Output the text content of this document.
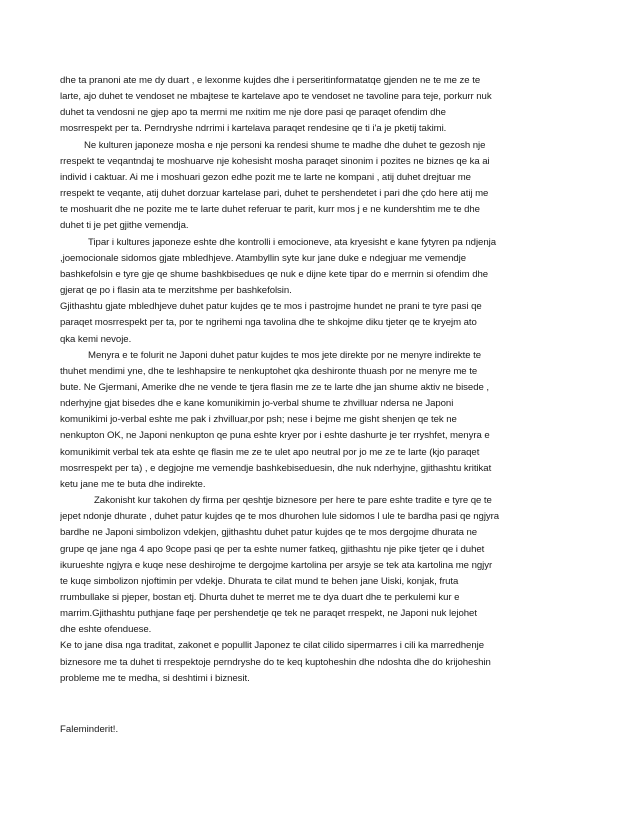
dhe ta pranoni ate me dy duart , e lexonme kujdes dhe i perseritinformatatqe gjenden ne te me ze te
larte, ajo duhet te vendoset ne mbajtese te kartelave apo te vendoset ne tavoline para teje, porkurr nuk
duhet ta vendosni ne gjep apo ta merrni me nxitim me nje dore pasi qe paraqet ofendim dhe
mosrrespekt per ta. Perndryshe ndrrimi i kartelava paraqet rendesine qe ti i'a je pketij takimi.
Ne kulturen japoneze mosha e nje personi ka rendesi shume te madhe dhe duhet te gezosh nje
rrespekt te veqantndaj te moshuarve nje kohesisht mosha paraqet sinonim i pozites ne biznes qe ka ai
individ i caktuar. Ai me i moshuari gezon edhe pozit me te larte ne kompani , atij duhet drejtuar me
rrespekt te veqante, atij duhet dorzuar kartelase pari, duhet te pershendetet i pari dhe çdo here atij me
te moshuarit dhe ne pozite me te larte duhet referuar te parit, kurr mos j e ne kundershtim me te dhe
duhet ti je pet gjithe vemendja.
Tipar i kultures japoneze eshte dhe kontrolli i emocioneve, ata kryesisht e kane fytyren pa ndjenja
,joemocionale sidomos gjate mbledhjeve. Atambyllin syte kur jane duke e ndegjuar me vemendje
bashkefolsin e tyre gje qe shume bashkbisedues qe nuk e dijne kete tipar do e merrnin si ofendim dhe
gjerat qe po i flasin ata te merzitshme per bashkefolsin.
Gjithashtu gjate mbledhjeve duhet patur kujdes qe te mos i pastrojme hundet ne prani te tyre pasi qe
paraqet mosrrespekt per ta, por te ngrihemi nga tavolina dhe te shkojme diku tjeter qe te kryejm ato
qka kemi nevoje.
Menyra e te folurit ne Japoni duhet patur kujdes te mos jete direkte por ne menyre indirekte te
thuhet mendimi yne, dhe te leshhapsire te nenkuptohet qka deshironte thuash por ne menyre me te
bute. Ne Gjermani, Amerike dhe ne vende te tjera flasin me ze te larte dhe jan shume aktiv ne bisede ,
nderhyjne gjat bisedes dhe e kane komunikimin jo-verbal shume te zhvilluar ndersa ne Japoni
komunikimi jo-verbal eshte me pak i zhvilluar,por psh; nese i bejme me gisht shenjen qe tek ne
nenkupton OK, ne Japoni nenkupton qe puna eshte kryer por i eshte dashurte je ter rryshfet, menyra e
komunikimit verbal tek ata eshte qe flasin me ze te ulet apo neutral por jo me ze te larte (kjo paraqet
mosrrespekt per ta) , e degjojne me vemendje bashkebiseduesin, dhe nuk nderhyjne, gjithashtu kritikat
ketu jane me te buta dhe indirekte.
Zakonisht kur takohen dy firma per qeshtje biznesore per here te pare eshte tradite e tyre qe te
jepet ndonje dhurate , duhet patur kujdes qe te mos dhurohen lule sidomos l ule te bardha pasi qe ngjyra
bardhe ne Japoni simbolizon vdekjen, gjithashtu duhet patur kujdes qe te mos dergojme dhurata ne
grupe qe jane nga 4 apo 9cope pasi qe per ta eshte numer fatkeq, gjithashtu nje pike tjeter qe i duhet
ikurueshte ngjyra e kuqe nese deshirojme te dergojme kartolina per arsyje se tek ata kartolina me ngjyr
te kuqe simbolizon njoftimin per vdekje. Dhurata te cilat mund te behen jane Uiski, konjak, fruta
rrumbullake si pjeper, bostan etj. Dhurta duhet te merret me te dya duart dhe te perkulemi kur e
marrim.Gjithashtu puthjane faqe per pershendetje qe tek ne paraqet rrespekt, ne Japoni nuk lejohet
dhe eshte ofenduese.
Ke to jane disa nga traditat, zakonet e popullit Japonez te cilat cilido sipermarres i cili ka marredhenje
biznesore me ta duhet ti rrespektoje perndryshe do te keq kuptoheshin dhe ndoshta dhe do krijoheshin
probleme me te medha, si deshtimi i biznesit.
Faleminderit!.
